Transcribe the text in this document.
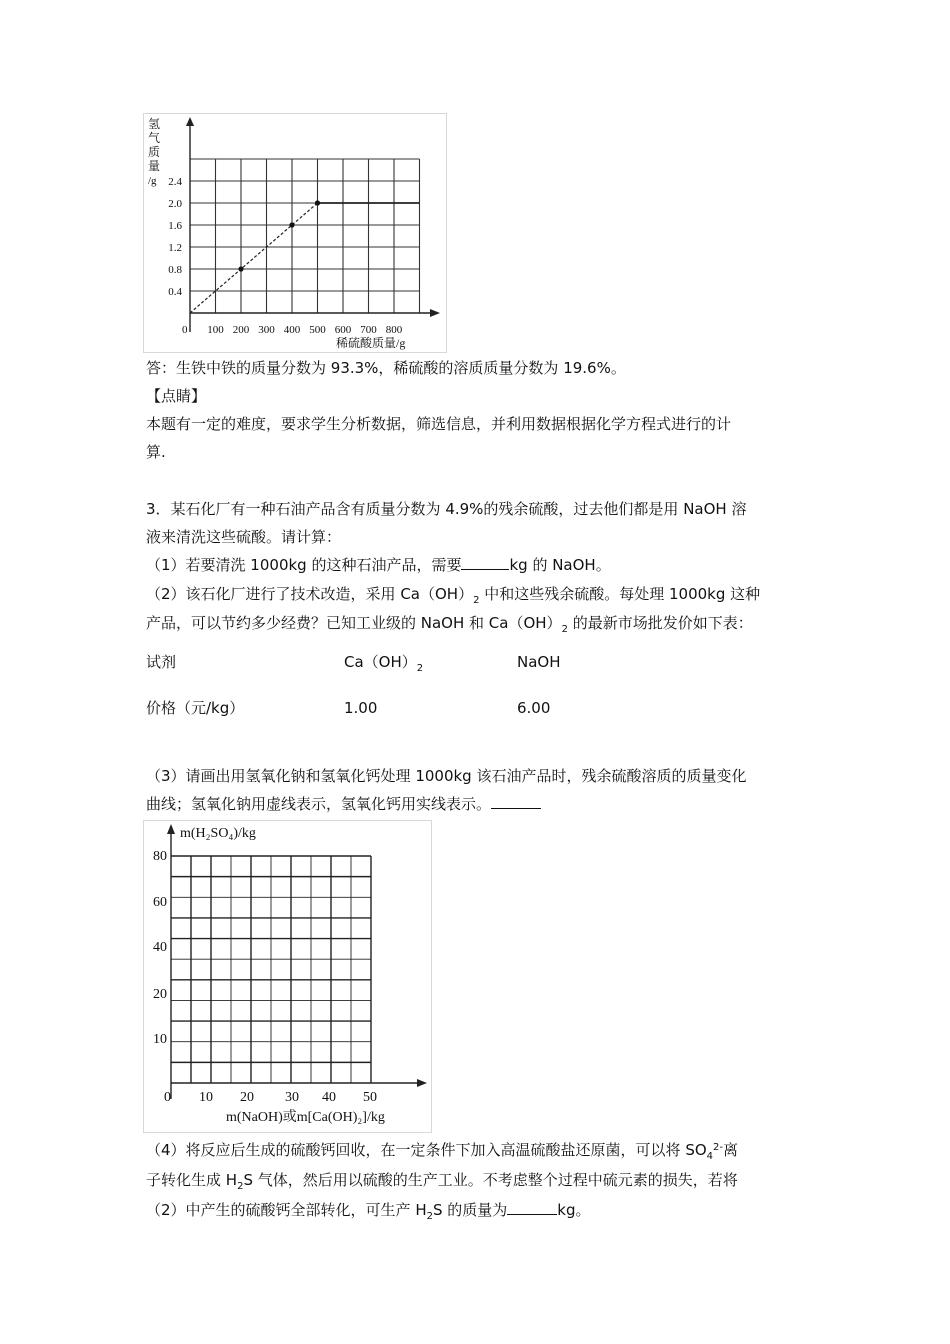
氢
气
质
量
/g
0.4
0.8
1.2
1.6
2.0
2.4
100 200 300 400 500 600 700 800
0
稀硫酸质量/g

答：生铁中铁的质量分数为 93.3%，稀硫酸的溶质质量分数为 19.6%。

【点睛】

本题有一定的难度，要求学生分析数据，筛选信息，并利用数据根据化学方程式进行的计

算.

3．某石化厂有一种石油产品含有质量分数为 4.9%的残余硫酸，过去他们都是用 NaOH 溶

液来清洗这些硫酸。请计算：

（1）若要清洗 1000kg 的这种石油产品，需要	kg 的 NaOH。

（2）该石化厂进行了技术改造，采用 $Ca(OH)_2$ 中和这些残余硫酸。每处理 1000kg 这种

产品，可以节约多少经费？已知工业级的 NaOH 和 $Ca(OH)_2$ 的最新市场批发价如下表：

试剂	$Ca(OH)_2$	NaOH
价格（元/kg）	1.00	6.00

（3）请画出用氢氧化钠和氢氧化钙处理 1000kg 该石油产品时，残余硫酸溶质的质量变化

曲线；氢氧化钠用虚线表示，氢氧化钙用实线表示。

m(H₂SO₄)/kg
10
20
40
60
80
10 20 30 40 50
0
m(NaOH)或m[Ca(OH)₂]/kg

（4）将反应后生成的硫酸钙回收，在一定条件下加入高温硫酸盐还原菌，可以将 $SO_4^{2-}$离

子转化生成 $H_2S$ 气体，然后用以硫酸的生产工业。不考虑整个过程中硫元素的损失，若将

（2）中产生的硫酸钙全部转化，可生产 $H_2S$ 的质量为	kg。
